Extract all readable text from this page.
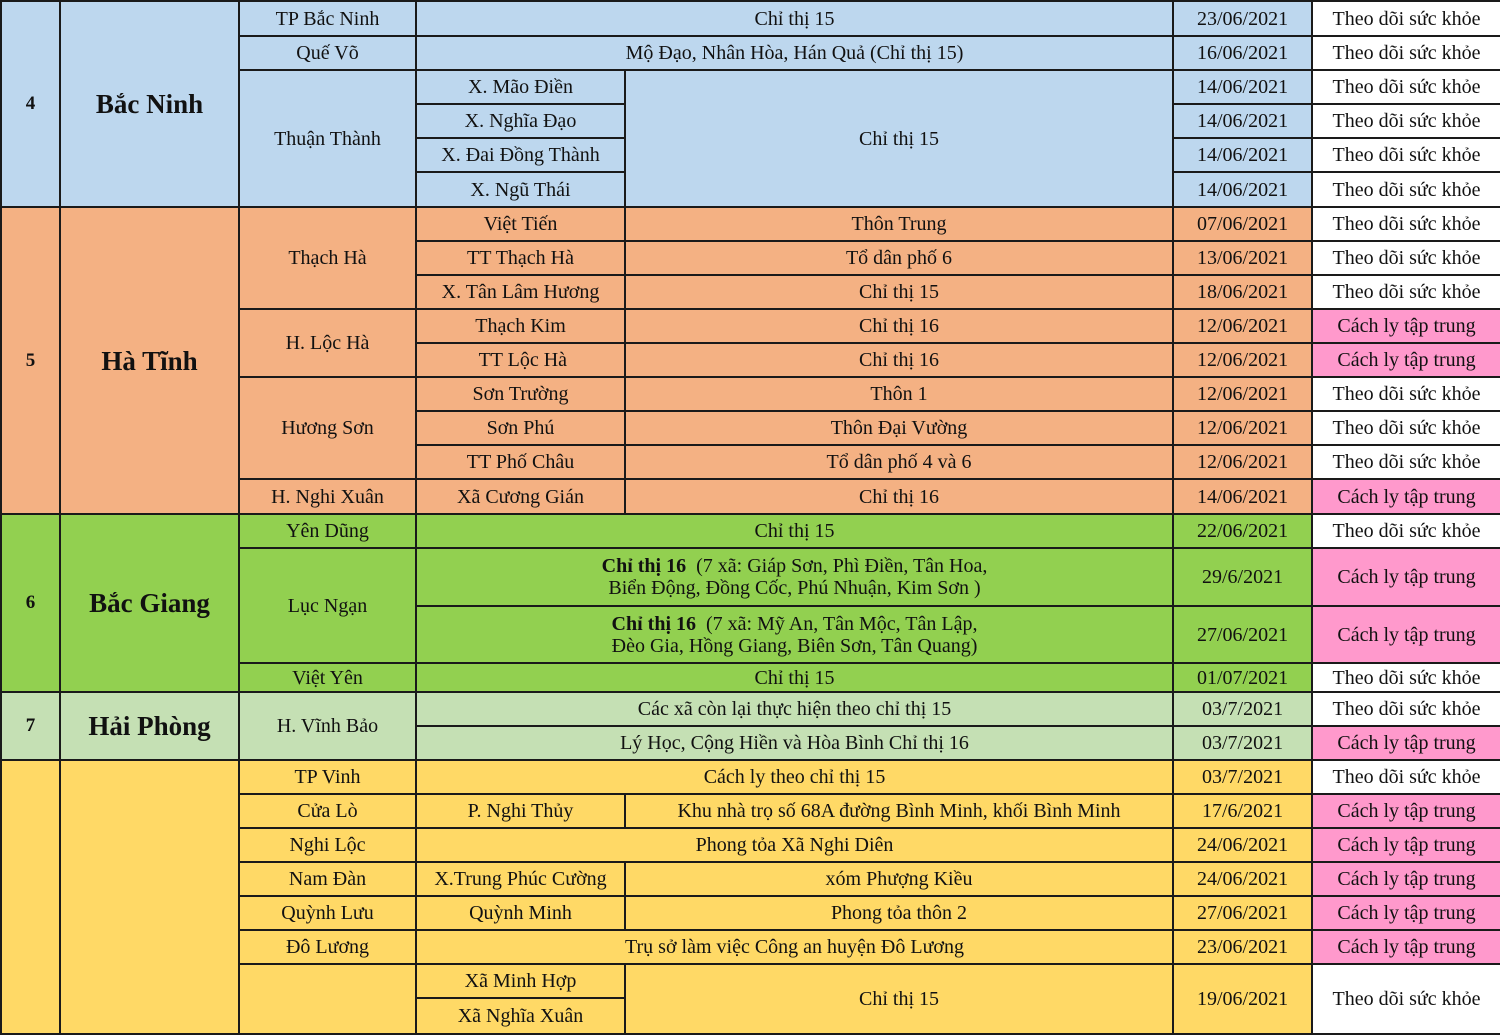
4	Bắc Ninh	TP Bắc Ninh	Chỉ thị 15		23/06/2021	Theo dõi sức khỏe
		Quế Võ	Mộ Đạo, Nhân Hòa, Hán Quả (Chỉ thị 15)		16/06/2021	Theo dõi sức khỏe
		Thuận Thành	X. Mão Điền	Chỉ thị 15	14/06/2021	Theo dõi sức khỏe
			X. Nghĩa Đạo		14/06/2021	Theo dõi sức khỏe
			X. Đai Đồng Thành		14/06/2021	Theo dõi sức khỏe
			X. Ngũ Thái		14/06/2021	Theo dõi sức khỏe
5	Hà Tĩnh	Thạch Hà	Việt Tiến	Thôn Trung	07/06/2021	Theo dõi sức khỏe
			TT Thạch Hà	Tổ dân phố 6	13/06/2021	Theo dõi sức khỏe
			X. Tân Lâm Hương	Chỉ thị 15	18/06/2021	Theo dõi sức khỏe
		H. Lộc Hà	Thạch Kim	Chỉ thị 16	12/06/2021	Cách ly tập trung
			TT Lộc Hà	Chỉ thị 16	12/06/2021	Cách ly tập trung
		Hương Sơn	Sơn Trường	Thôn 1	12/06/2021	Theo dõi sức khỏe
			Sơn Phú	Thôn Đại Vường	12/06/2021	Theo dõi sức khỏe
			TT Phố Châu	Tổ dân phố 4 và 6	12/06/2021	Theo dõi sức khỏe
		H. Nghi Xuân	Xã Cương Gián	Chỉ thị 16	14/06/2021	Cách ly tập trung
6	Bắc Giang	Yên Dũng	Chỉ thị 15		22/06/2021	Theo dõi sức khỏe
		Lục Ngạn	Chỉ thị 16  (7 xã: Giáp Sơn, Phì Điền, Tân Hoa,
Biển Động, Đồng Cốc, Phú Nhuận, Kim Sơn )		29/6/2021	Cách ly tập trung
			Chỉ thị 16  (7 xã: Mỹ An, Tân Mộc, Tân Lập,
Đèo Gia, Hồng Giang, Biên Sơn, Tân Quang)		27/06/2021	Cách ly tập trung
		Việt Yên	Chỉ thị 15		01/07/2021	Theo dõi sức khỏe
7	Hải Phòng	H. Vĩnh Bảo	Các xã còn lại thực hiện theo chỉ thị 15		03/7/2021	Theo dõi sức khỏe
			Lý Học, Cộng Hiền và Hòa Bình Chỉ thị 16		03/7/2021	Cách ly tập trung
		TP Vinh	Cách ly theo chỉ thị 15		03/7/2021	Theo dõi sức khỏe
		Cửa Lò	P. Nghi Thủy	Khu nhà trọ số 68A đường Bình Minh, khối Bình Minh	17/6/2021	Cách ly tập trung
		Nghi Lộc	Phong tỏa Xã Nghi Diên		24/06/2021	Cách ly tập trung
		Nam Đàn	X.Trung Phúc Cường	xóm Phượng Kiều	24/06/2021	Cách ly tập trung
		Quỳnh Lưu	Quỳnh Minh	Phong tỏa thôn 2	27/06/2021	Cách ly tập trung
		Đô Lương	Trụ sở làm việc Công an huyện Đô Lương		23/06/2021	Cách ly tập trung
			Xã Minh Hợp	Chỉ thị 15	19/06/2021	Theo dõi sức khỏe
			Xã Nghĩa Xuân			
